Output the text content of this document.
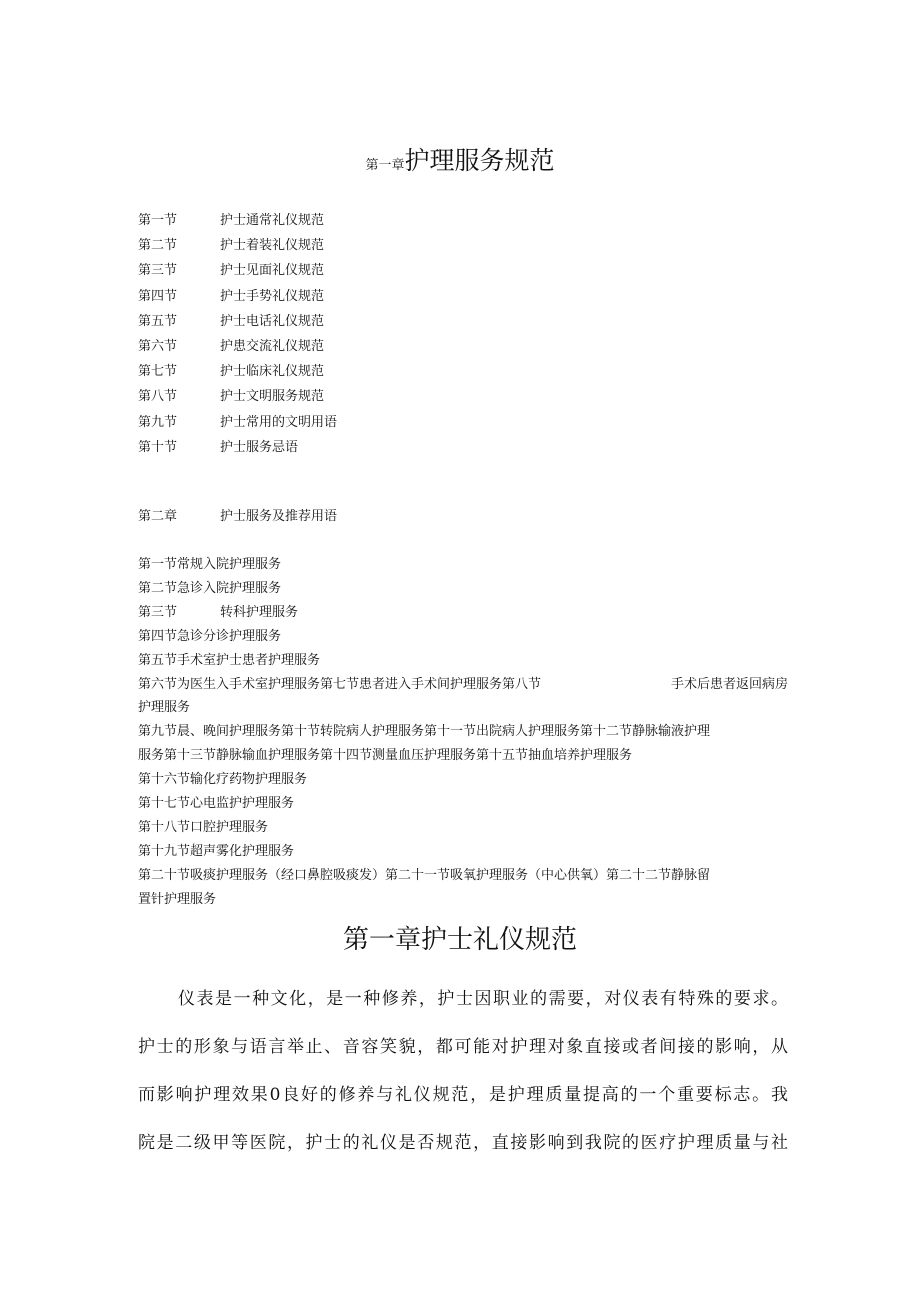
第一章护理服务规范
第一节	护士通常礼仪规范
第二节	护士着装礼仪规范
第三节	护士见面礼仪规范
第四节	护士手势礼仪规范
第五节	护士电话礼仪规范
第六节	护患交流礼仪规范
第七节	护士临床礼仪规范
第八节	护士文明服务规范
第九节	护士常用的文明用语
第十节	护士服务忌语
第二章	护士服务及推荐用语
第一节常规入院护理服务
第二节急诊入院护理服务
第三节	转科护理服务
第四节急诊分诊护理服务
第五节手术室护士患者护理服务
第六节为医生入手术室护理服务第七节患者进入手术间护理服务第八节	手术后患者返回病房
护理服务
第九节晨、晚间护理服务第十节转院病人护理服务第十一节出院病人护理服务第十二节静脉输液护理
服务第十三节静脉输血护理服务第十四节测量血压护理服务第十五节抽血培养护理服务
第十六节输化疗药物护理服务
第十七节心电监护护理服务
第十八节口腔护理服务
第十九节超声雾化护理服务
第二十节吸痰护理服务（经口鼻腔吸痰发）第二十一节吸氧护理服务（中心供氧）第二十二节静脉留
置针护理服务
第一章护士礼仪规范
仪表是一种文化，是一种修养，护士因职业的需要，对仪表有特殊的要求。
护士的形象与语言举止、音容笑貌，都可能对护理对象直接或者间接的影响，从
而影响护理效果0良好的修养与礼仪规范，是护理质量提高的一个重要标志。我
院是二级甲等医院，护士的礼仪是否规范，直接影响到我院的医疗护理质量与社
